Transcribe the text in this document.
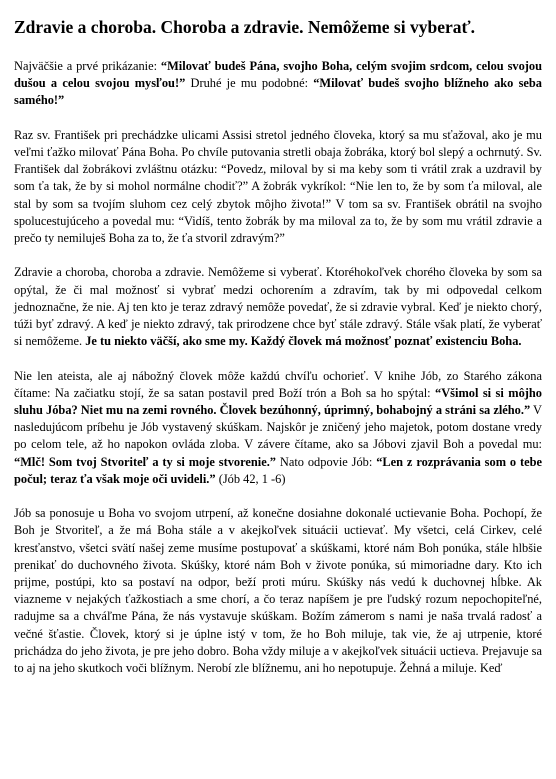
Zdravie a choroba. Choroba a zdravie. Nemôžeme si vyberať.

Najväčšie a prvé prikázanie: “Milovať budeš Pána, svojho Boha, celým svojim srdcom, celou svojou dušou a celou svojou mysľou!” Druhé je mu podobné: “Milovať budeš svojho blížneho ako seba samého!”

Raz sv. František pri prechádzke ulicami Assisi stretol jedného človeka, ktorý sa mu sťažoval, ako je mu veľmi ťažko milovať Pána Boha. Po chvíle putovania stretli obaja žobráka, ktorý bol slepý a ochrnutý. Sv. František dal žobrákovi zvláštnu otázku: “Povedz, miloval by si ma keby som ti vrátil zrak a uzdravil by som ťa tak, že by si mohol normálne chodiť?” A žobrák vykríkol: “Nie len to, že by som ťa miloval, ale stal by som sa tvojím sluhom cez celý zbytok môjho života!” V tom sa sv. František obrátil na svojho spolucestujúceho a povedal mu: “Vidíš, tento žobrák by ma miloval za to, že by som mu vrátil zdravie a prečo ty nemiluješ Boha za to, že ťa stvoril zdravým?”

Zdravie a choroba, choroba a zdravie. Nemôžeme si vyberať. Ktorého​koľvek chorého človeka by som sa opýtal, že či mal možnosť si vybrať medzi ochorením a zdravím, tak by mi odpovedal celkom jednoznačne, že nie. Aj ten kto je teraz zdravý nemôže povedať, že si zdravie vybral. Keď je niekto chorý, túži byť zdravý. A keď je niekto zdravý, tak prirodzene chce byť stále zdravý. Stále však platí, že vyberať si nemôžeme. Je tu niekto väčší, ako sme my. Každý človek má možnosť poznať existenciu Boha.

Nie len ateista, ale aj nábožný človek môže každú chvíľu ochorieť. V knihe Jób, zo Starého zákona čítame: Na začiatku stojí, že sa satan postavil pred Boží trón a Boh sa ho spýtal: “Všimol si si môjho sluhu Jóba? Niet mu na zemi rovného. Človek bezúhonný, úprimný, bohabojný a stráni sa zlého.” V nasledujúcom príbehu je Jób vystavený skúškam. Najskôr je zničený jeho majetok, potom dostane vredy po celom tele, až ho napokon ovláda zloba. V závere čítame, ako sa Jóbovi zjavil Boh a povedal mu: “Mlč! Som tvoj Stvoriteľ a ty si moje stvorenie.” Nato odpovie Jób: “Len z rozprávania som o tebe počul; teraz ťa však moje oči uvideli.” (Jób 42, 1 -6)

Jób sa ponosuje u Boha vo svojom utrpení, až konečne dosiahne dokonalé uctievanie Boha. Pochopí, že Boh je Stvoriteľ, a že má Boha stále a v akejkoľvek situácii uctievať. My všetci, celá Cirkev, celé kresťanstvo, všetci svätí našej zeme musíme postupovať a skúškami, ktoré nám Boh ponúka, stále hlbšie prenikať do duchovného života. Skúšky, ktoré nám Boh v živote ponúka, sú mimoriadne dary. Kto ich prijme, postúpi, kto sa postaví na odpor, beží proti múru. Skúšky nás vedú k duchovnej hĺbke. Ak viazneme v nejakých ťažkostiach a sme chorí, a čo teraz napíšem je pre ľudský rozum nepochopiteľné, radujme sa a chváľme Pána, že nás vystavuje skúškam. Božím zámerom s nami je naša trvalá radosť a večné šťastie. Človek, ktorý si je úplne istý v tom, že ho Boh miluje, tak vie, že aj utrpenie, ktoré prichádza do jeho života, je pre jeho dobro. Boha vždy miluje a v akejkoľvek situácii uctieva. Prejavuje sa to aj na jeho skutkoch voči blížnym. Nerobí zle blížnemu, ani ho nepotupuje. Žehná a miluje. Keď
